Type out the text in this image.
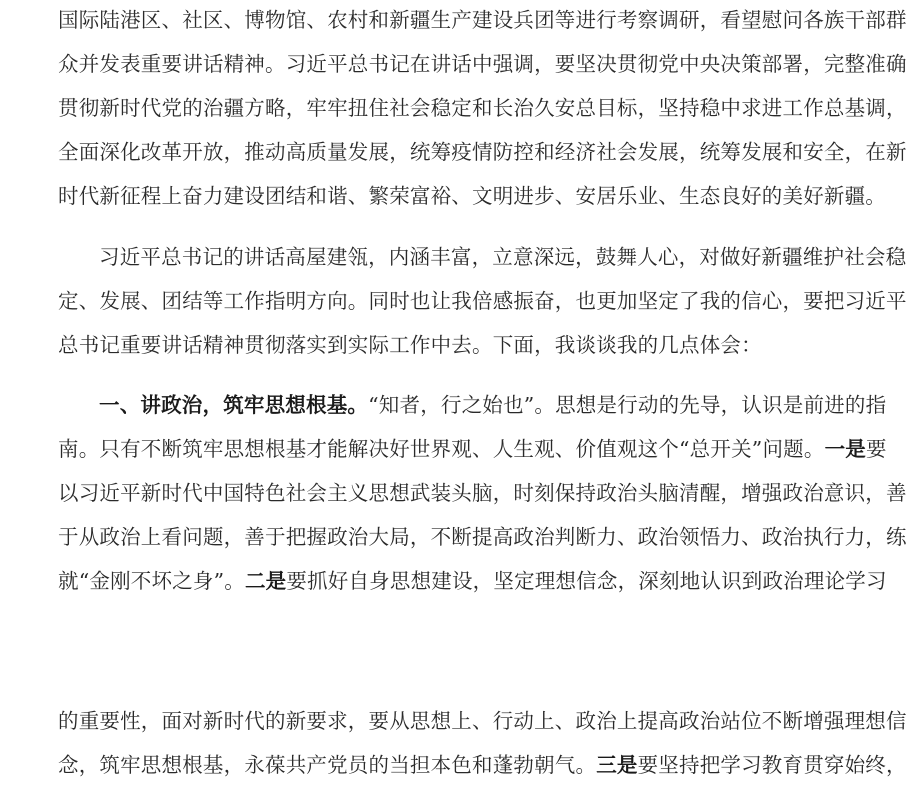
国际陆港区、社区、博物馆、农村和新疆生产建设兵团等进行考察调研，看望慰问各族干部群
众并发表重要讲话精神。习近平总书记在讲话中强调，要坚决贯彻党中央决策部署，完整准确
贯彻新时代党的治疆方略，牢牢扭住社会稳定和长治久安总目标，坚持稳中求进工作总基调，
全面深化改革开放，推动高质量发展，统筹疫情防控和经济社会发展，统筹发展和安全，在新
时代新征程上奋力建设团结和谐、繁荣富裕、文明进步、安居乐业、生态良好的美好新疆。
习近平总书记的讲话高屋建瓴，内涵丰富，立意深远，鼓舞人心，对做好新疆维护社会稳
定、发展、团结等工作指明方向。同时也让我倍感振奋，也更加坚定了我的信心，要把习近平
总书记重要讲话精神贯彻落实到实际工作中去。下面，我谈谈我的几点体会：
一、讲政治，筑牢思想根基。“知者，行之始也”。思想是行动的先导，认识是前进的指
南。只有不断筑牢思想根基才能解决好世界观、人生观、价值观这个“总开关”问题。一是要
以习近平新时代中国特色社会主义思想武装头脑，时刻保持政治头脑清醒，增强政治意识，善
于从政治上看问题，善于把握政治大局，不断提高政治判断力、政治领悟力、政治执行力，练
就“金刚不坏之身”。二是要抓好自身思想建设，坚定理想信念，深刻地认识到政治理论学习
的重要性，面对新时代的新要求，要从思想上、行动上、政治上提高政治站位不断增强理想信
念，筑牢思想根基，永葆共产党员的当担本色和蓬勃朝气。三是要坚持把学习教育贯穿始终，
